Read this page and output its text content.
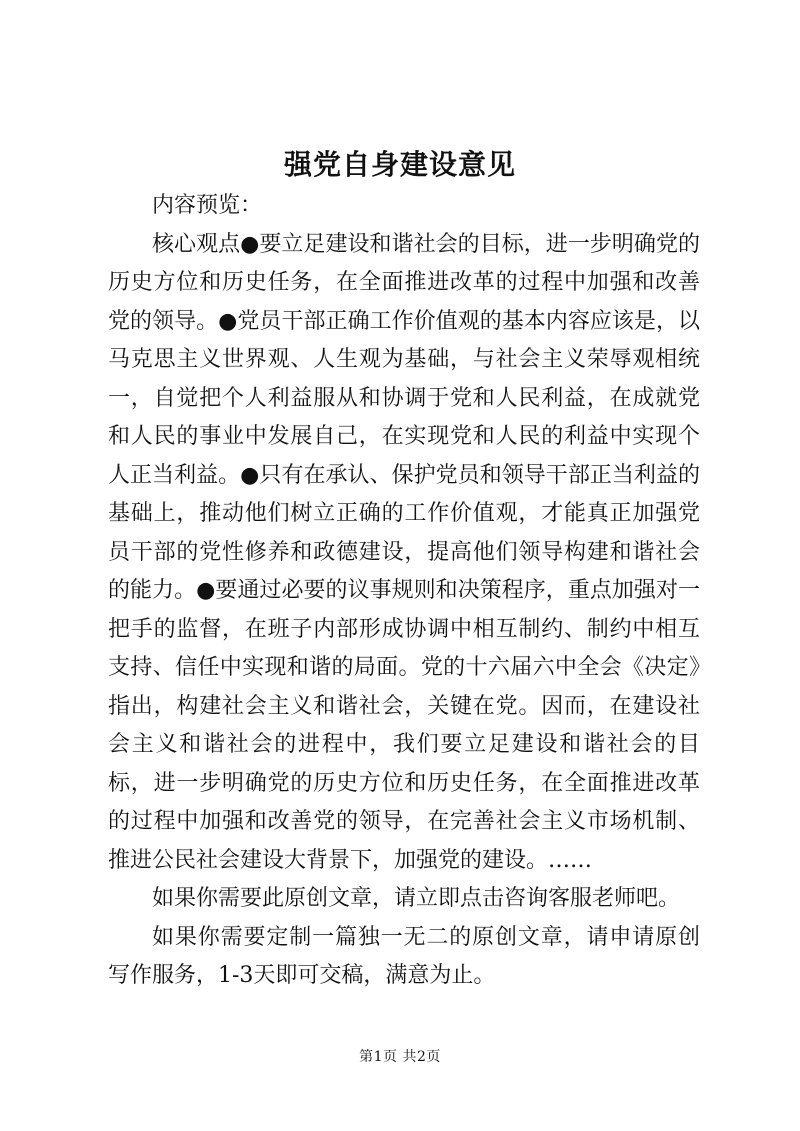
强党自身建设意见

内容预览：

核心观点●要立足建设和谐社会的目标，进一步明确党的历史方位和历史任务，在全面推进改革的过程中加强和改善党的领导。●党员干部正确工作价值观的基本内容应该是，以马克思主义世界观、人生观为基础，与社会主义荣辱观相统一，自觉把个人利益服从和协调于党和人民利益，在成就党和人民的事业中发展自己，在实现党和人民的利益中实现个人正当利益。●只有在承认、保护党员和领导干部正当利益的基础上，推动他们树立正确的工作价值观，才能真正加强党员干部的党性修养和政德建设，提高他们领导构建和谐社会的能力。●要通过必要的议事规则和决策程序，重点加强对一把手的监督，在班子内部形成协调中相互制约、制约中相互支持、信任中实现和谐的局面。党的十六届六中全会《决定》指出，构建社会主义和谐社会，关键在党。因而，在建设社会主义和谐社会的进程中，我们要立足建设和谐社会的目标，进一步明确党的历史方位和历史任务，在全面推进改革的过程中加强和改善党的领导，在完善社会主义市场机制、推进公民社会建设大背景下，加强党的建设。……

如果你需要此原创文章，请立即点击咨询客服老师吧。

如果你需要定制一篇独一无二的原创文章，请申请原创写作服务，1-3天即可交稿，满意为止。

第1页 共2页
